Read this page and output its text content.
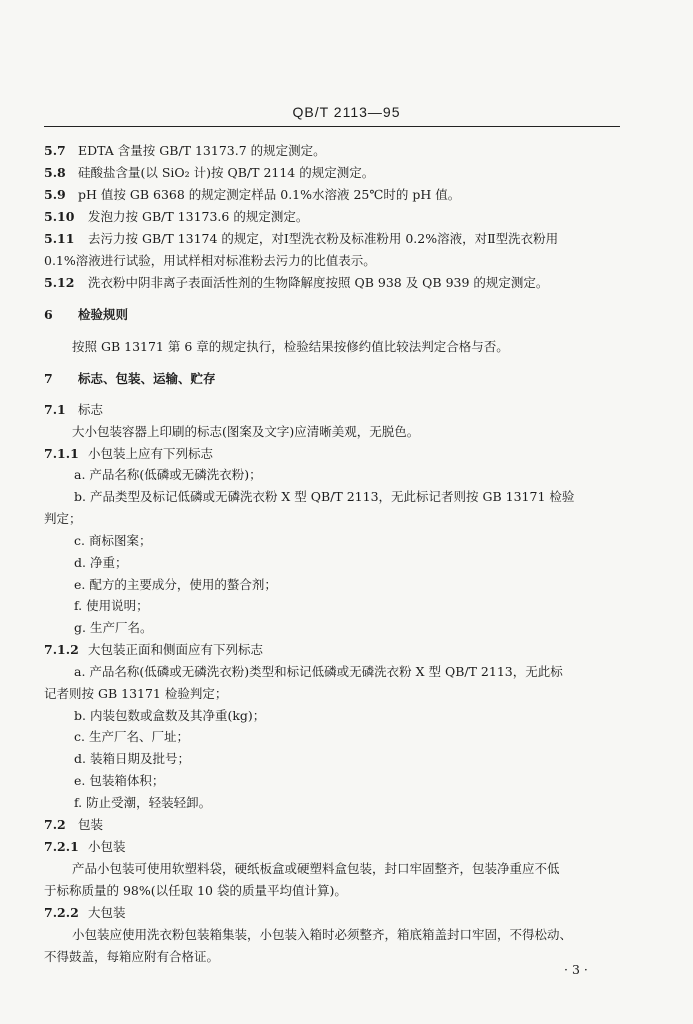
QB/T 2113—95
5.7 EDTA 含量按 GB/T 13173.7 的规定测定。
5.8 硅酸盐含量(以 SiO₂ 计)按 QB/T 2114 的规定测定。
5.9 pH 值按 GB 6368 的规定测定样品 0.1%水溶液 25℃时的 pH 值。
5.10 发泡力按 GB/T 13173.6 的规定测定。
5.11 去污力按 GB/T 13174 的规定，对Ⅰ型洗衣粉及标准粉用 0.2%溶液，对Ⅱ型洗衣粉用
0.1%溶液进行试验，用试样相对标准粉去污力的比值表示。
5.12 洗衣粉中阴非离子表面活性剂的生物降解度按照 QB 938 及 QB 939 的规定测定。
6 检验规则
按照 GB 13171 第 6 章的规定执行，检验结果按修约值比较法判定合格与否。
7 标志、包装、运输、贮存
7.1 标志
大小包装容器上印刷的标志(图案及文字)应清晰美观，无脱色。
7.1.1 小包装上应有下列标志
a. 产品名称(低磷或无磷洗衣粉)；
b. 产品类型及标记低磷或无磷洗衣粉 X 型 QB/T 2113，无此标记者则按 GB 13171 检验
判定；
c. 商标图案；
d. 净重；
e. 配方的主要成分，使用的螯合剂；
f. 使用说明；
g. 生产厂名。
7.1.2 大包装正面和侧面应有下列标志
a. 产品名称(低磷或无磷洗衣粉)类型和标记低磷或无磷洗衣粉 X 型 QB/T 2113，无此标
记者则按 GB 13171 检验判定；
b. 内装包数或盒数及其净重(kg)；
c. 生产厂名、厂址；
d. 装箱日期及批号；
e. 包装箱体积；
f. 防止受潮，轻装轻卸。
7.2 包装
7.2.1 小包装
产品小包装可使用软塑料袋，硬纸板盒或硬塑料盒包装，封口牢固整齐，包装净重应不低
于标称质量的 98%(以任取 10 袋的质量平均值计算)。
7.2.2 大包装
小包装应使用洗衣粉包装箱集装，小包装入箱时必须整齐，箱底箱盖封口牢固，不得松动、
不得鼓盖，每箱应附有合格证。
· 3 ·
